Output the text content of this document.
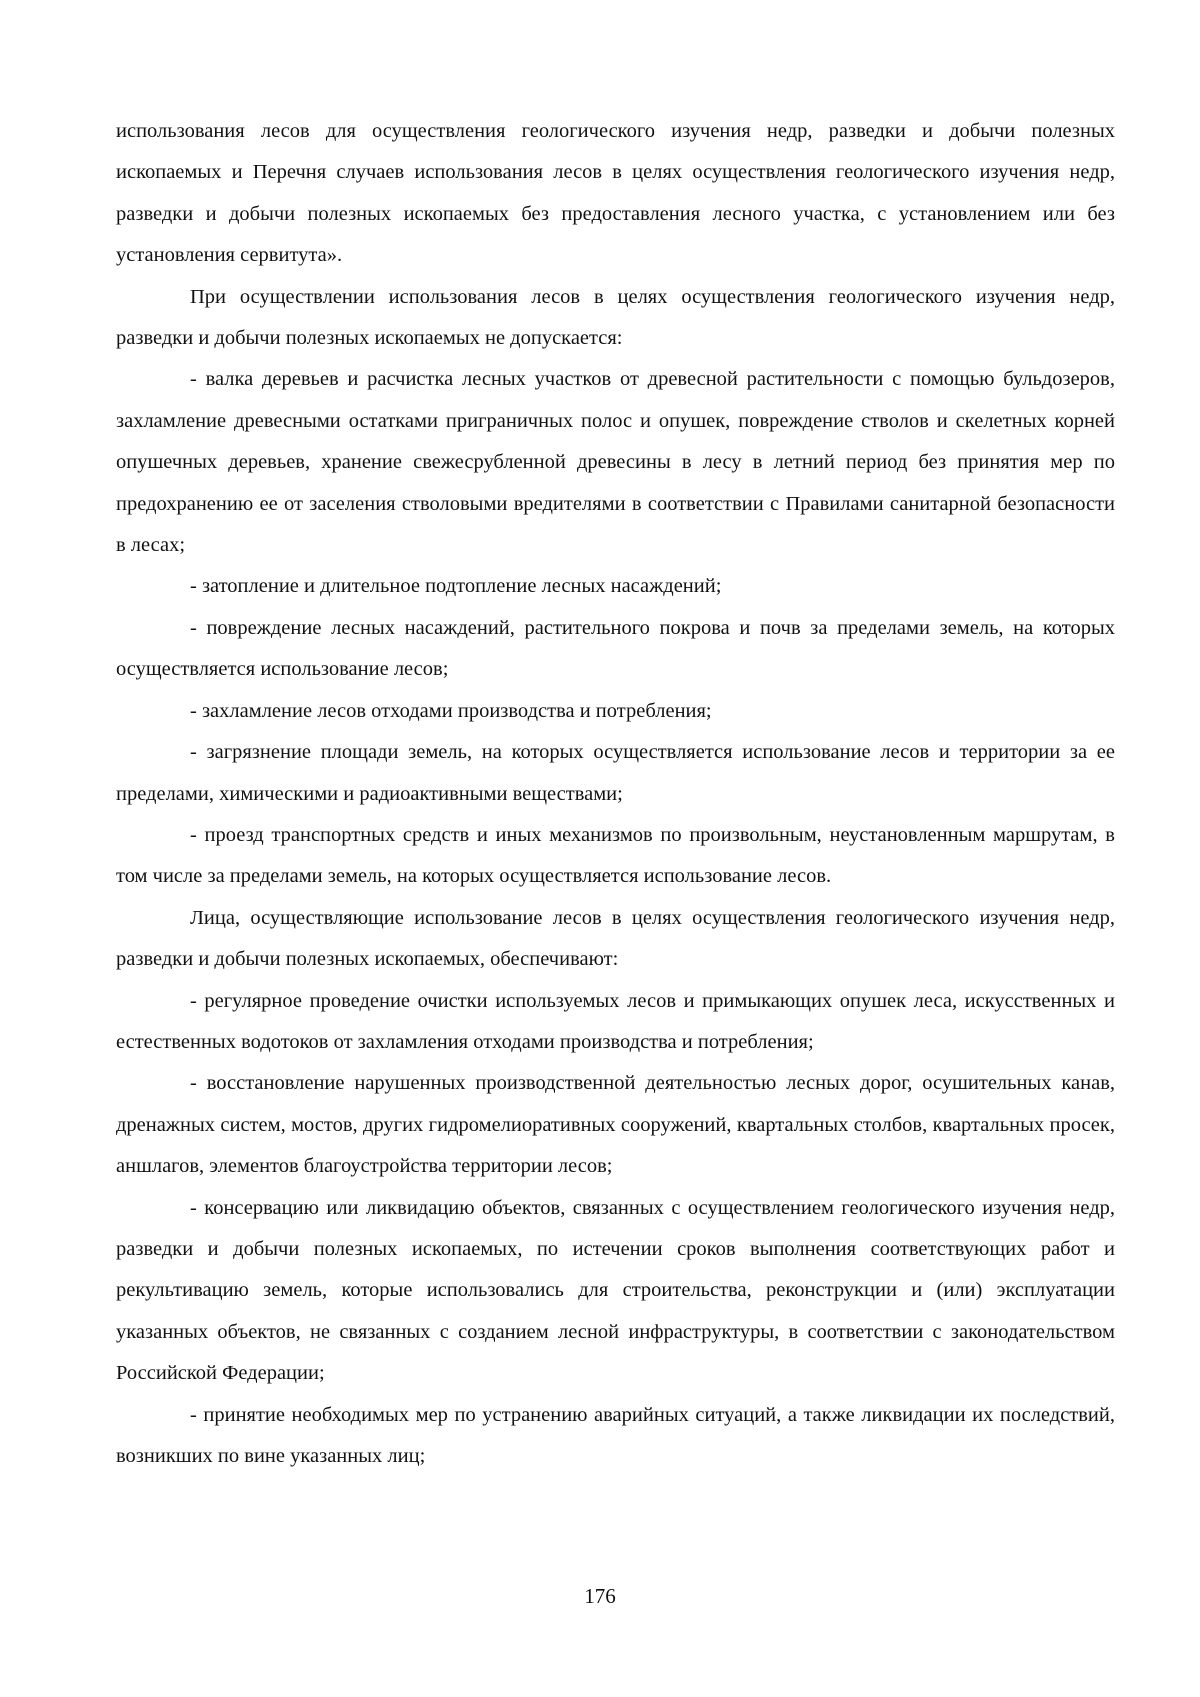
использования лесов для осуществления геологического изучения недр, разведки и добычи полезных ископаемых и Перечня случаев использования лесов в целях осуществления геологического изучения недр, разведки и добычи полезных ископаемых без предоставления лесного участка, с установлением или без установления сервитута».

При осуществлении использования лесов в целях осуществления геологического изучения недр, разведки и добычи полезных ископаемых не допускается:

- валка деревьев и расчистка лесных участков от древесной растительности с помощью бульдозеров, захламление древесными остатками приграничных полос и опушек, повреждение стволов и скелетных корней опушечных деревьев, хранение свежесрубленной древесины в лесу в летний период без принятия мер по предохранению ее от заселения стволовыми вредителями в соответствии с Правилами санитарной безопасности в лесах;

- затопление и длительное подтопление лесных насаждений;

- повреждение лесных насаждений, растительного покрова и почв за пределами земель, на которых осуществляется использование лесов;

- захламление лесов отходами производства и потребления;

- загрязнение площади земель, на которых осуществляется использование лесов и территории за ее пределами, химическими и радиоактивными веществами;

- проезд транспортных средств и иных механизмов по произвольным, неустановленным маршрутам, в том числе за пределами земель, на которых осуществляется использование лесов.

Лица, осуществляющие использование лесов в целях осуществления геологического изучения недр, разведки и добычи полезных ископаемых, обеспечивают:

- регулярное проведение очистки используемых лесов и примыкающих опушек леса, искусственных и естественных водотоков от захламления отходами производства и потребления;

- восстановление нарушенных производственной деятельностью лесных дорог, осушительных канав, дренажных систем, мостов, других гидромелиоративных сооружений, квартальных столбов, квартальных просек, аншлагов, элементов благоустройства территории лесов;

- консервацию или ликвидацию объектов, связанных с осуществлением геологического изучения недр, разведки и добычи полезных ископаемых, по истечении сроков выполнения соответствующих работ и рекультивацию земель, которые использовались для строительства, реконструкции и (или) эксплуатации указанных объектов, не связанных с созданием лесной инфраструктуры, в соответствии с законодательством Российской Федерации;

- принятие необходимых мер по устранению аварийных ситуаций, а также ликвидации их последствий, возникших по вине указанных лиц;

176
